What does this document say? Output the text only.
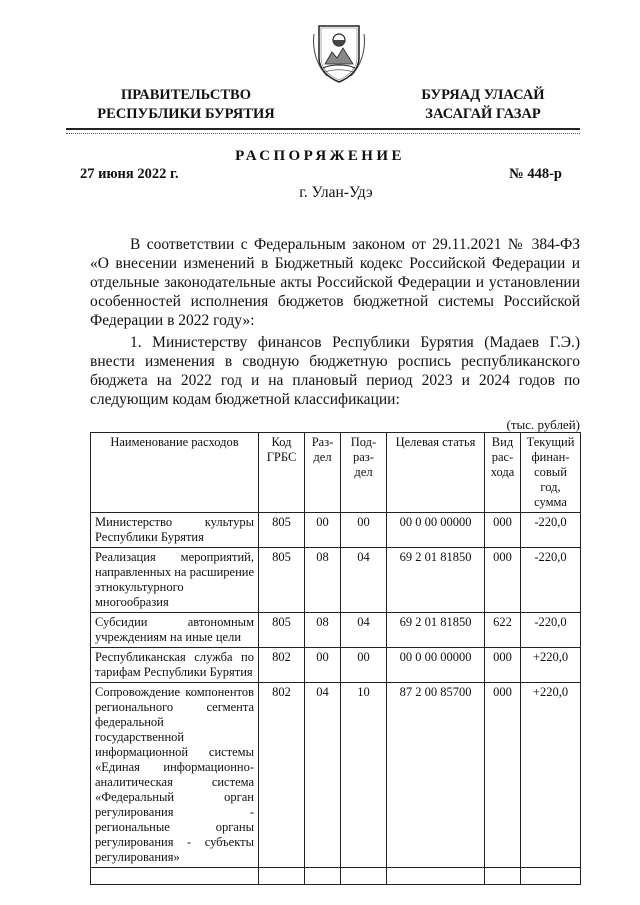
ПРАВИТЕЛЬСТВО
РЕСПУБЛИКИ БУРЯТИЯ
БУРЯАД УЛАСАЙ
ЗАСАГАЙ ГАЗАР
РАСПОРЯЖЕНИЕ
27 июня 2022 г.	№ 448-р
г. Улан-Удэ
В соответствии с Федеральным законом от 29.11.2021 № 384-ФЗ «О внесении изменений в Бюджетный кодекс Российской Федерации и отдельные законодательные акты Российской Федерации и установлении особенностей исполнения бюджетов бюджетной системы Российской Федерации в 2022 году»:
1. Министерству финансов Республики Бурятия (Мадаев Г.Э.) внести изменения в сводную бюджетную роспись республиканского бюджета на 2022 год и на плановый период 2023 и 2024 годов по следующим кодам бюджетной классификации:
(тыс. рублей)
Наименование расходов	Код ГРБС	Раз-дел	Под-раз-дел	Целевая статья	Вид рас-хода	Текущий финан-совый год, сумма
Министерство культуры Республики Бурятия	805	00	00	00 0 00 00000	000	-220,0
Реализация мероприятий, направленных на расширение этнокультурного многообразия	805	08	04	69 2 01 81850	000	-220,0
Субсидии автономным учреждениям на иные цели	805	08	04	69 2 01 81850	622	-220,0
Республиканская служба по тарифам Республики Бурятия	802	00	00	00 0 00 00000	000	+220,0
Сопровождение компонентов регионального сегмента федеральной государственной информационной системы «Единая информационно-аналитическая система «Федеральный орган регулирования - региональные органы регулирования - субъекты регулирования»	802	04	10	87 2 00 85700	000	+220,0
